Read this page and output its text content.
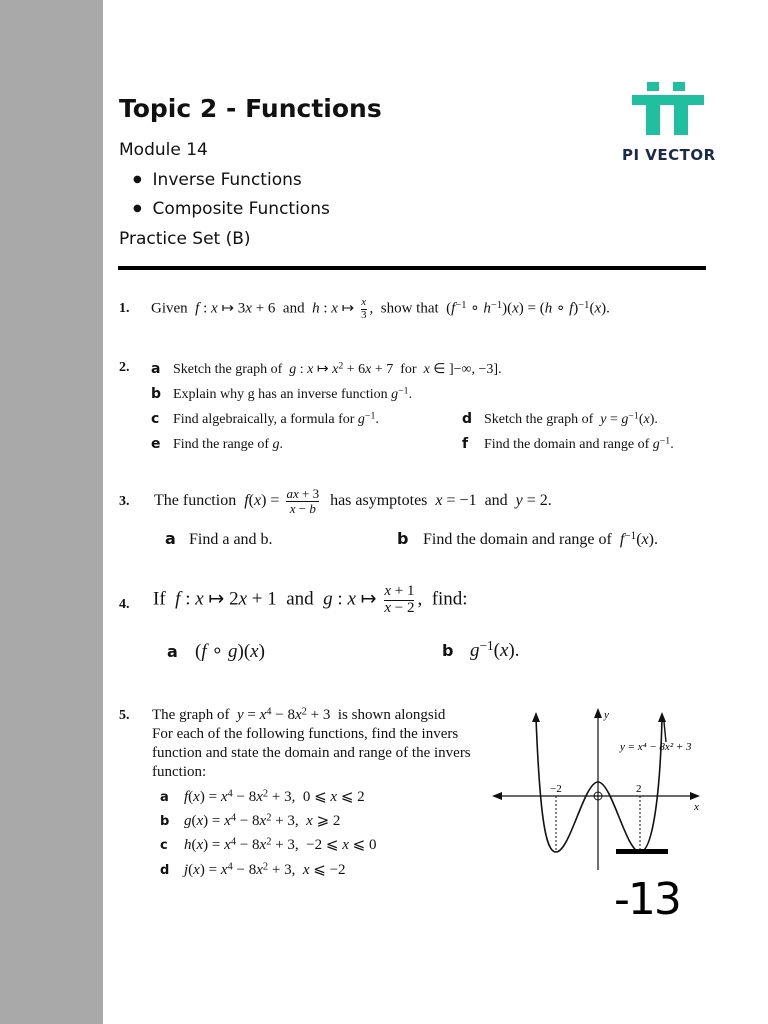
Topic 2 - Functions
Module 14
● Inverse Functions
● Composite Functions
Practice Set (B)
PI VECTOR
1. Given f : x ↦ 3x + 6  and h : x ↦ $\frac{x}{3}$ ,  show that  ($f^{-1}$ ∘ $h^{-1})(x) = (h$ ∘ f)$^{-1}$(x).
2. a Sketch the graph of g : x ↦ $x^2 + 6x + 7$  for x ∈ ]−∞, −3].
b Explain why g has an inverse function $g^{-1}$.
c Find algebraically, a formula for $g^{-1}$.	d Sketch the graph of $y = g^{-1}(x)$.
e Find the range of g.	f Find the domain and range of $g^{-1}$.
3. The function $f(x) = \frac{ax + 3}{x - b}$ has asymptotes x = −1  and y = 2.
a Find a and b.	b Find the domain and range of $f^{-1}(x)$.
4. If f : x ↦ 2x + 1  and g : x ↦ $\frac{x + 1}{x - 2}$ ,  find:
a (f ∘ g)(x)	b $g^{-1}(x)$.
5. The graph of $y = x^4 - 8x^2 + 3$  is shown alongsid
For each of the following functions, find the invers
function and state the domain and range of the invers
function:
a $f(x) = x^4 - 8x^2 + 3$,  0 ⩽ x ⩽ 2
b $g(x) = x^4 - 8x^2 + 3$,  x ⩾ 2
c $h(x) = x^4 - 8x^2 + 3$,  −2 ⩽ x ⩽ 0
d $j(x) = x^4 - 8x^2 + 3$,  x ⩽ −2
y
x
−2	2
y = x⁴ − 8x² + 3
-13
